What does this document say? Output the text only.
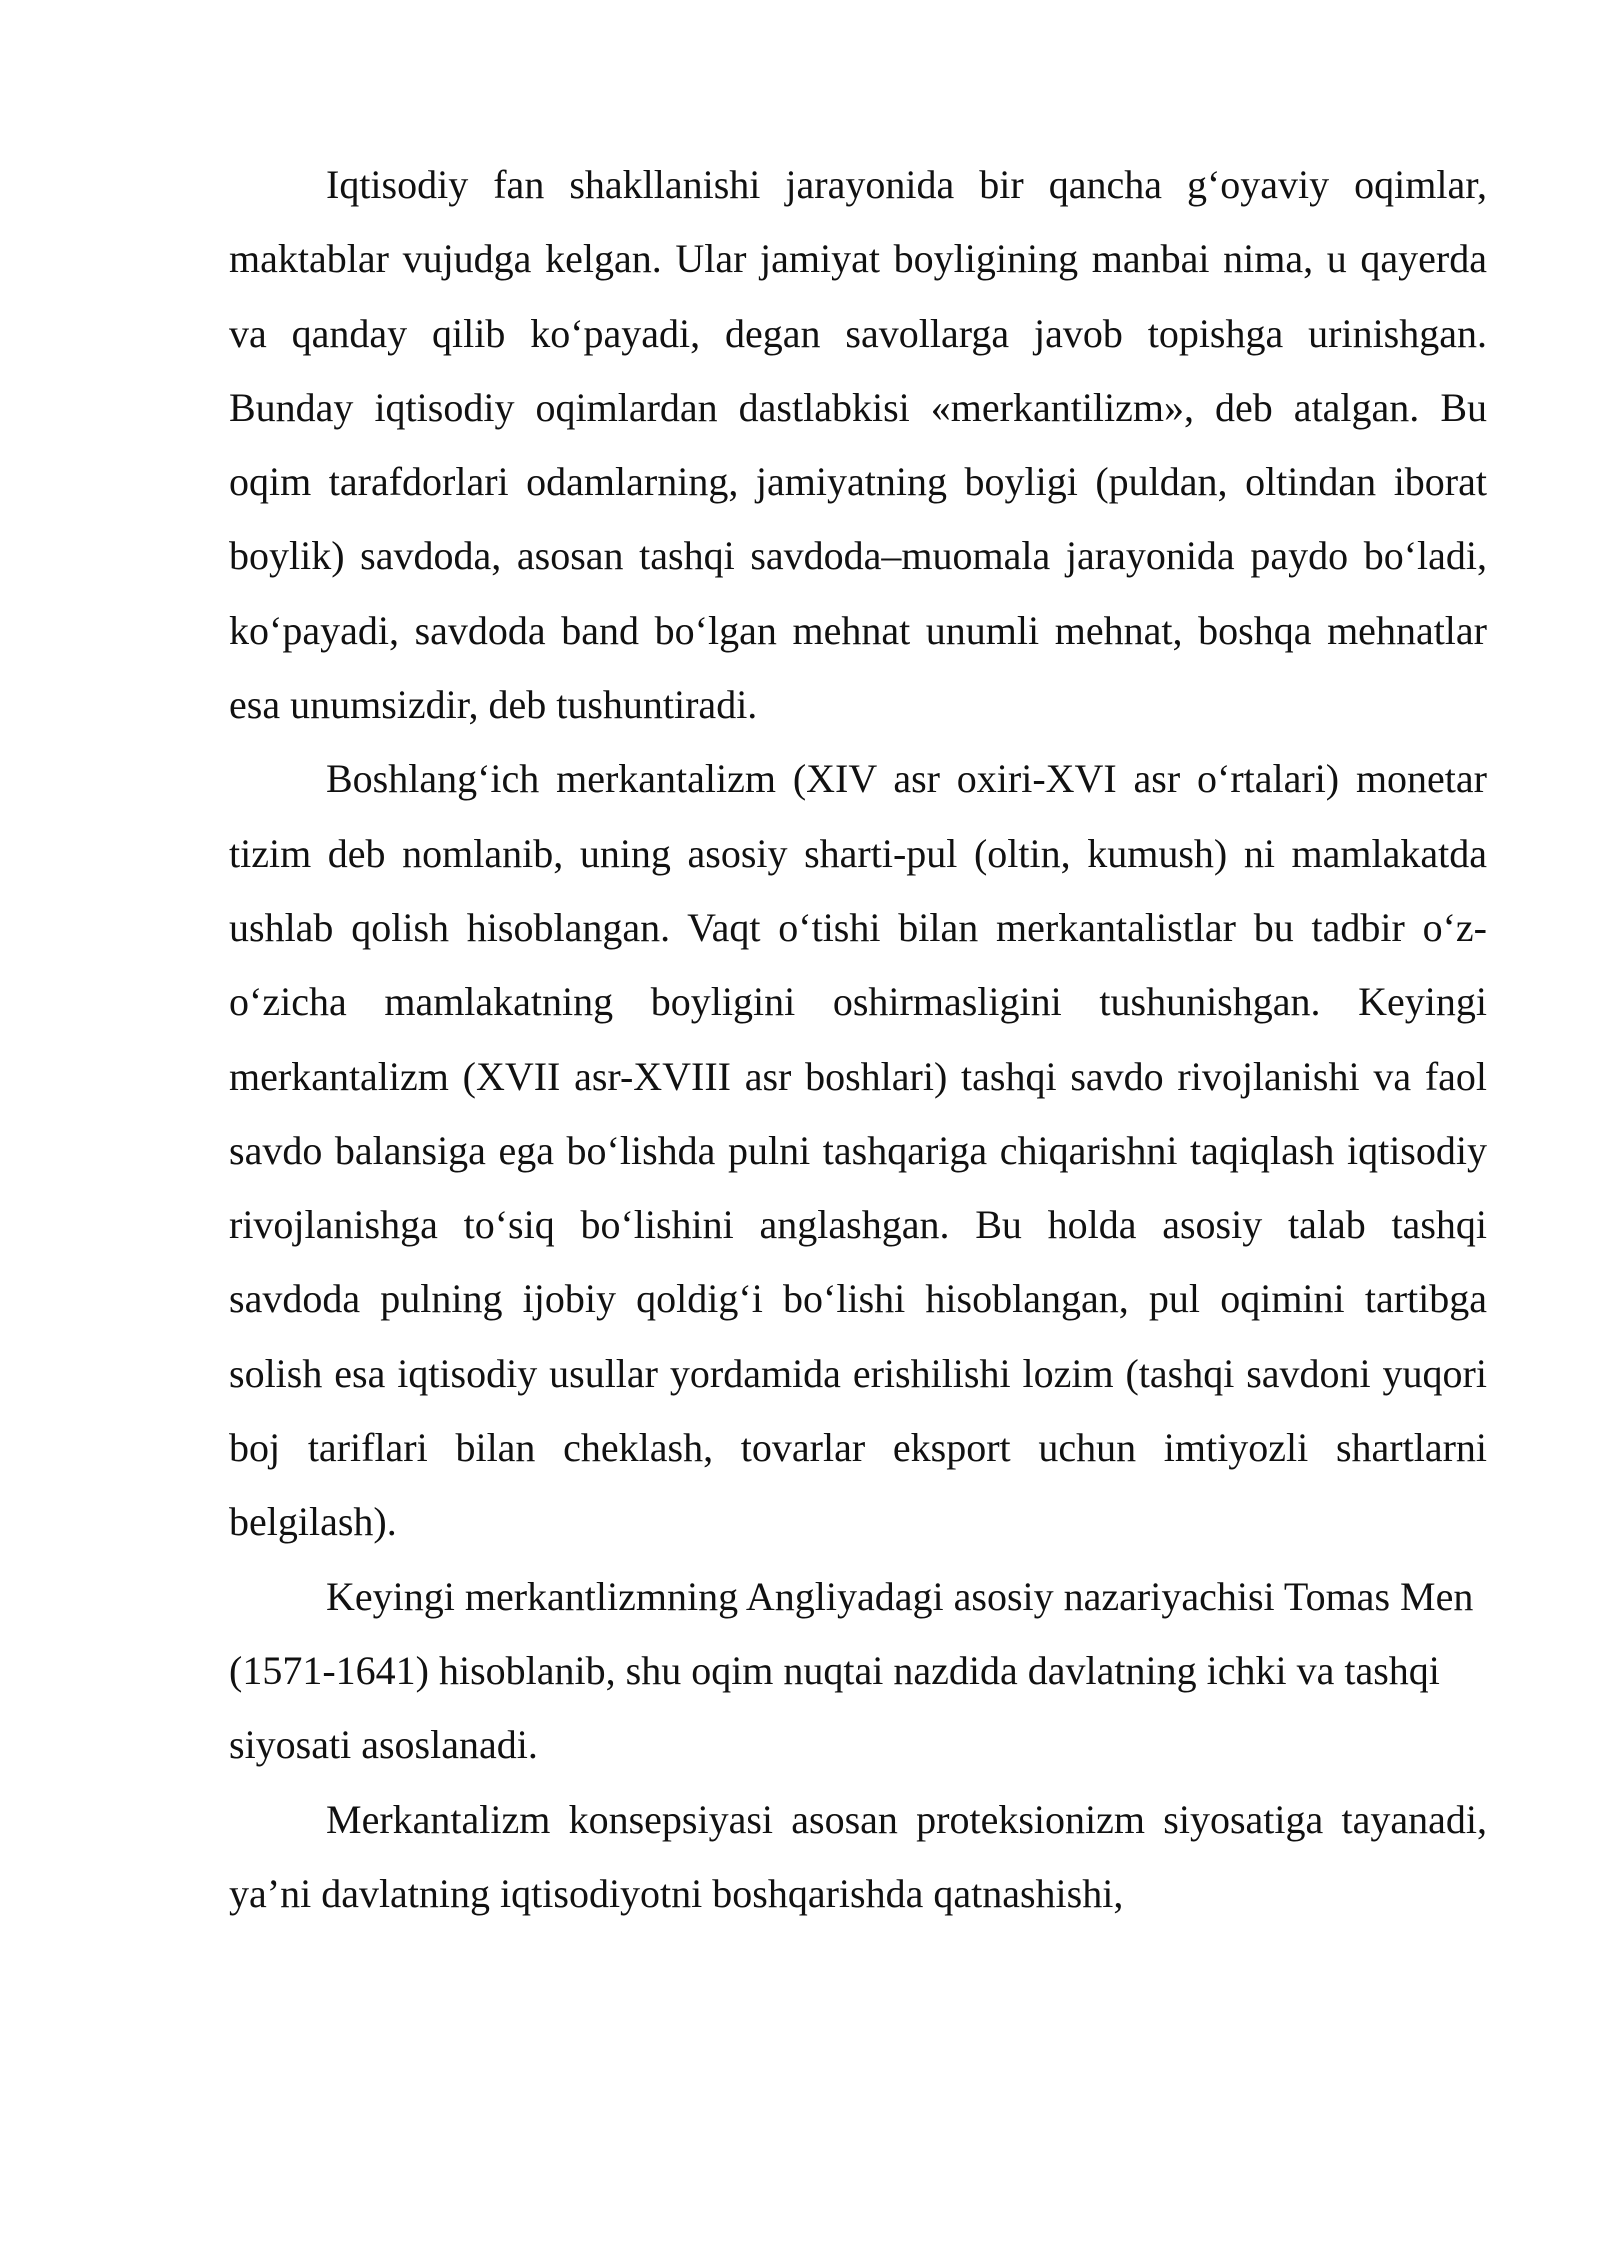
Iqtisodiy fan shakllanishi jarayonida bir qancha g‘oyaviy oqimlar, maktablar vujudga kelgan. Ular jamiyat boyligining manbai nima, u qayerda va qanday qilib ko‘payadi, degan savollarga javob topishga urinishgan. Bunday iqtisodiy oqimlardan dastlabkisi «merkantilizm», deb atalgan. Bu oqim tarafdorlari odamlarning, jamiyatning boyligi (puldan, oltindan iborat boylik) savdoda, asosan tashqi savdoda–muomala jarayonida paydo bo‘ladi, ko‘payadi, savdoda band bo‘lgan mehnat unumli mehnat, boshqa mehnatlar esa unumsizdir, deb tushuntiradi.

Boshlang‘ich merkantalizm (XIV asr oxiri-XVI asr o‘rtalari) monetar tizim deb nomlanib, uning asosiy sharti-pul (oltin, kumush) ni mamlakatda ushlab qolish hisoblangan. Vaqt o‘tishi bilan merkantalistlar bu tadbir o‘z-o‘zicha mamlakatning boyligini oshirmasligini tushunishgan. Keyingi merkantalizm (XVII asr-XVIII asr boshlari) tashqi savdo rivojlanishi va faol savdo balansiga ega bo‘lishda pulni tashqariga chiqarishni taqiqlash iqtisodiy rivojlanishga to‘siq bo‘lishini anglashgan. Bu holda asosiy talab tashqi savdoda pulning ijobiy qoldig‘i bo‘lishi hisoblangan, pul oqimini tartibga solish esa iqtisodiy usullar yordamida erishilishi lozim (tashqi savdoni yuqori boj tariflari bilan cheklash, tovarlar eksport uchun imtiyozli shartlarni belgilash).

Keyingi merkantlizmning Angliyadagi asosiy nazariyachisi Tomas Men (1571-1641) hisoblanib, shu oqim nuqtai nazdida davlatning ichki va tashqi siyosati asoslanadi.

Merkantalizm konsepsiyasi asosan proteksionizm siyosatiga tayanadi, ya’ni davlatning iqtisodiyotni boshqarishda qatnashishi,
